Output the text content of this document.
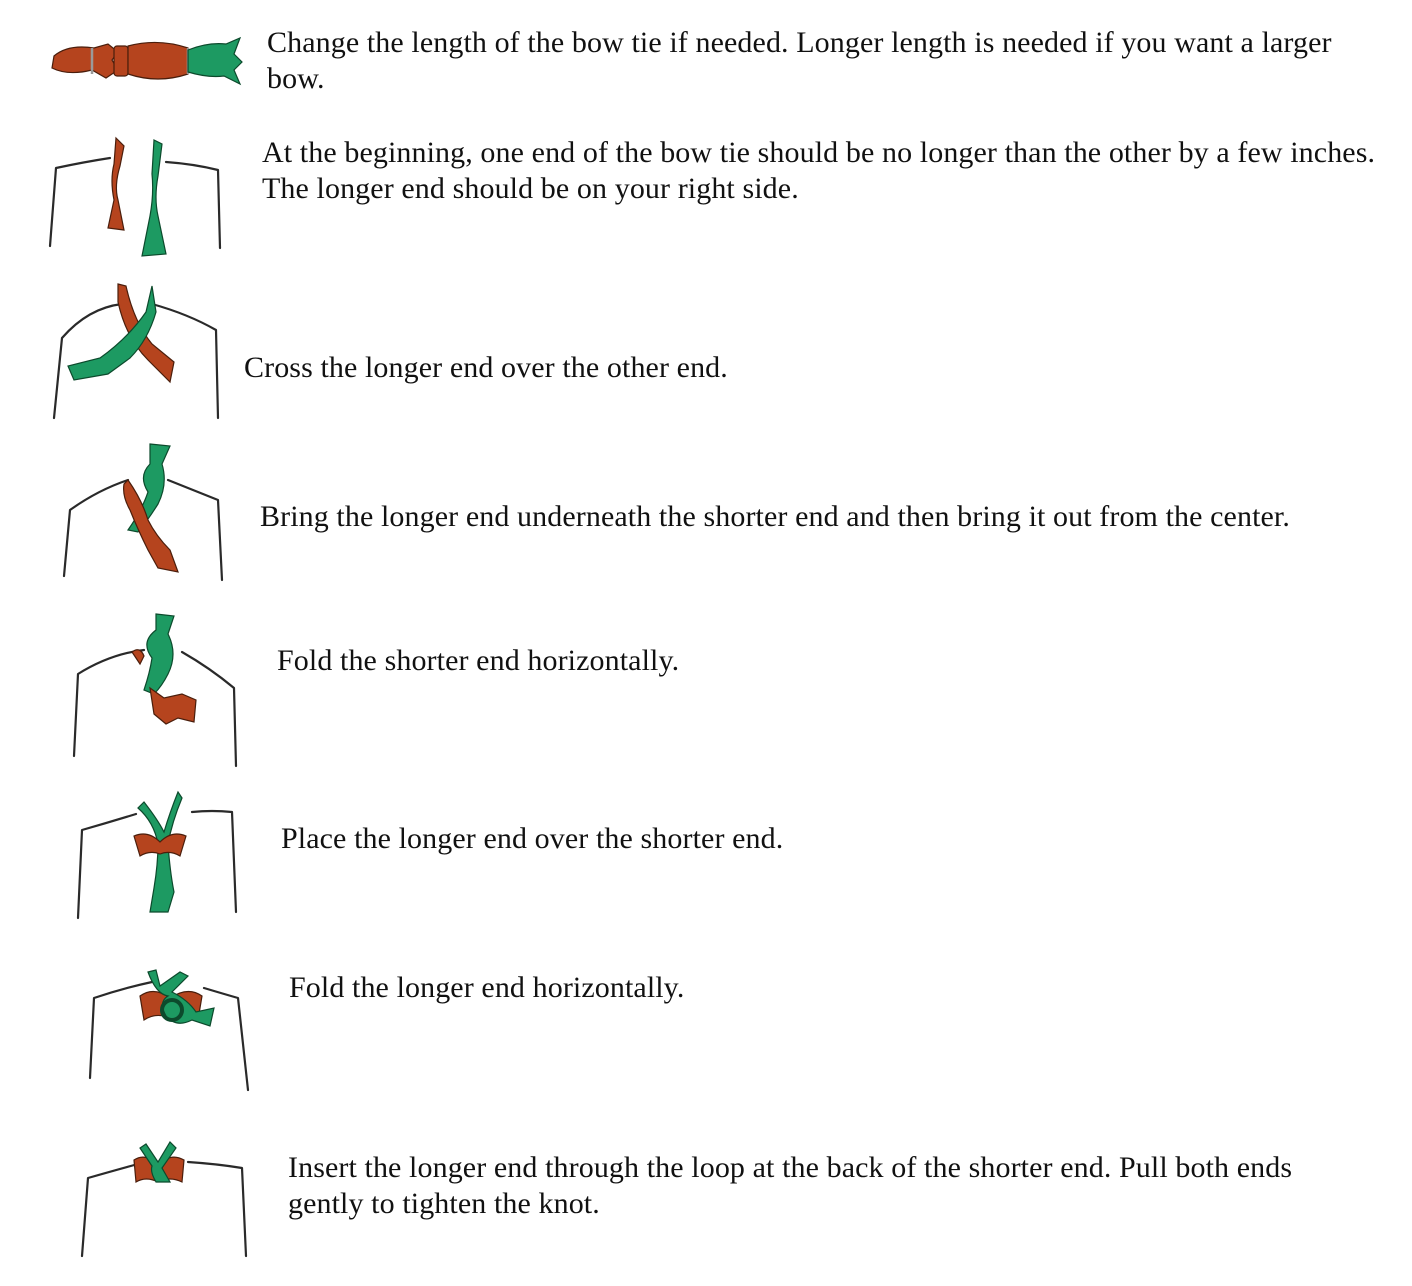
Change the length of the bow tie if needed. Longer length is needed if you want a larger bow.

At the beginning, one end of the bow tie should be no longer than the other by a few inches. The longer end should be on your right side.

Cross the longer end over the other end.

Bring the longer end underneath the shorter end and then bring it out from the center.

Fold the shorter end horizontally.

Place the longer end over the shorter end.

Fold the longer end horizontally.

Insert the longer end through the loop at the back of the shorter end. Pull both ends gently to tighten the knot.
